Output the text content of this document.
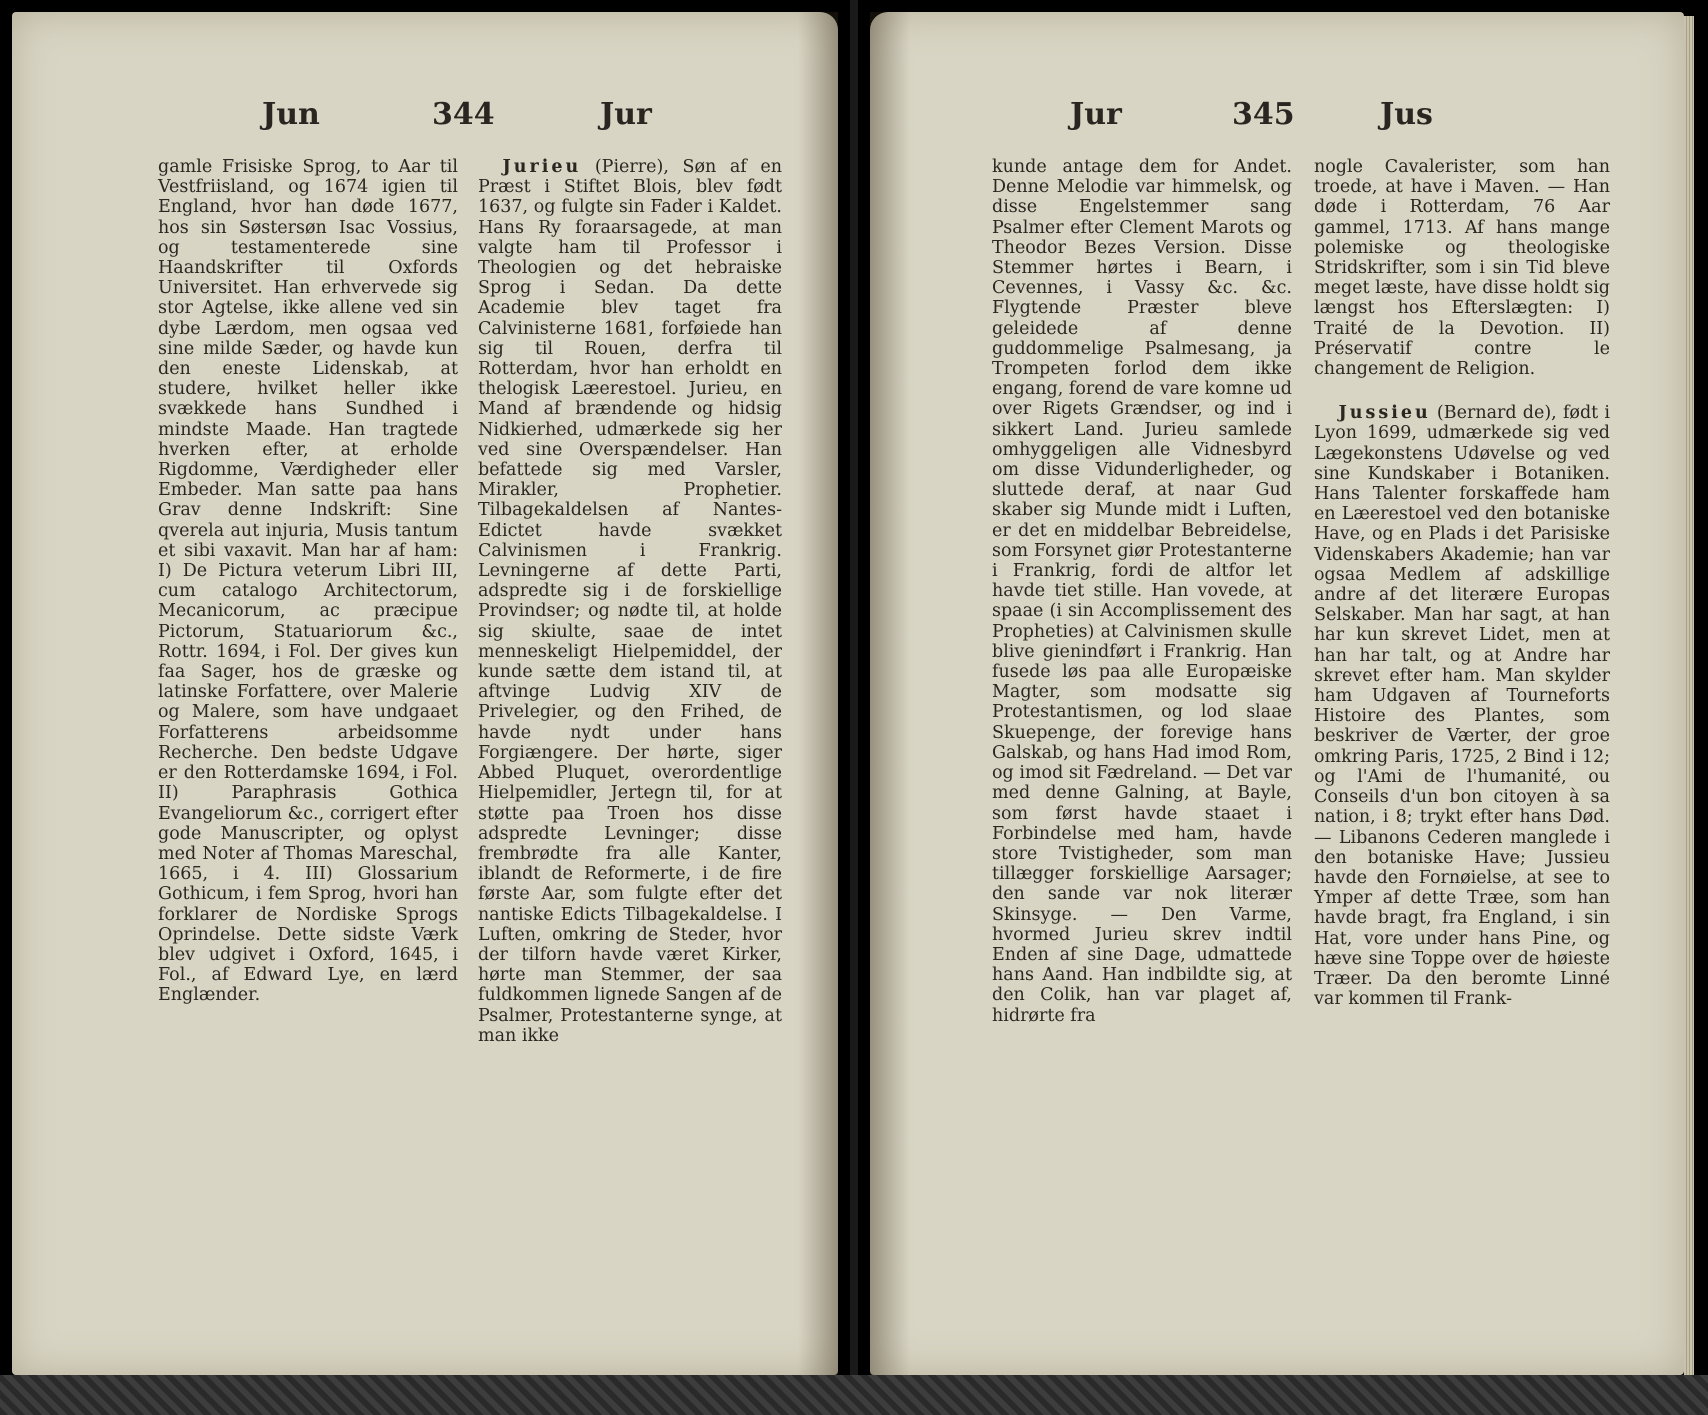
Jun	344	Jur

gamle Frisiske Sprog, to Aar til Vestfriisland, og 1674 igien til England, hvor han døde 1677, hos sin Søstersøn Isac Vossius, og testamenterede sine Haandskrifter til Oxfords Universitet. Han erhvervede sig stor Agtelse, ikke allene ved sin dybe Lærdom, men ogsaa ved sine milde Sæder, og havde kun den eneste Lidenskab, at studere, hvilket heller ikke svækkede hans Sundhed i mindste Maade. Han tragtede hverken efter, at erholde Rigdomme, Værdigheder eller Embeder. Man satte paa hans Grav denne Indskrift: Sine qverela aut injuria, Musis tantum et sibi vaxavit. Man har af ham: I) De Pictura veterum Libri III, cum catalogo Architectorum, Mecanicorum, ac præcipue Pictorum, Statuariorum &c., Rottr. 1694, i Fol. Der gives kun faa Sager, hos de græske og latinske Forfattere, over Malerie og Malere, som have undgaaet Forfatterens arbeidsomme Recherche. Den bedste Udgave er den Rotterdamske 1694, i Fol. II) Paraphrasis Gothica Evangeliorum &c., corrigert efter gode Manuscripter, og oplyst med Noter af Thomas Mareschal, 1665, i 4. III) Glossarium Gothicum, i fem Sprog, hvori han forklarer de Nordiske Sprogs Oprindelse. Dette sidste Værk blev udgivet i Oxford, 1645, i Fol., af Edward Lye, en lærd Englænder.

Jurieu (Pierre), Søn af en Præst i Stiftet Blois, blev født 1637, og fulgte sin Fader i Kaldet. Hans Ry foraarsagede, at man valgte ham til Professor i Theologien og det hebraiske Sprog i Sedan. Da dette Academie blev taget fra Calvinisterne 1681, forføiede han sig til Rouen, derfra til Rotterdam, hvor han erholdt en thelogisk Læerestoel. Jurieu, en Mand af brændende og hidsig Nidkierhed, udmærkede sig her ved sine Overspændelser. Han befattede sig med Varsler, Mirakler, Prophetier. Tilbagekaldelsen af Nantes-Edictet havde svækket Calvinismen i Frankrig. Levningerne af dette Parti, adspredte sig i de forskiellige Provindser; og nødte til, at holde sig skiulte, saae de intet menneskeligt Hielpemiddel, der kunde sætte dem istand til, at aftvinge Ludvig XIV de Privelegier, og den Frihed, de havde nydt under hans Forgiængere. Der hørte, siger Abbed Pluquet, overordentlige Hielpemidler, Jertegn til, for at støtte paa Troen hos disse adspredte Levninger; disse frembrødte fra alle Kanter, iblandt de Reformerte, i de fire første Aar, som fulgte efter det nantiske Edicts Tilbagekaldelse. I Luften, omkring de Steder, hvor der tilforn havde været Kirker, hørte man Stemmer, der saa fuldkommen lignede Sangen af de Psalmer, Protestanterne synge, at man ikke

Jur	345	Jus

kunde antage dem for Andet. Denne Melodie var himmelsk, og disse Engelstemmer sang Psalmer efter Clement Marots og Theodor Bezes Version. Disse Stemmer hørtes i Bearn, i Cevennes, i Vassy &c. &c. Flygtende Præster bleve geleidede af denne guddommelige Psalmesang, ja Trompeten forlod dem ikke engang, forend de vare komne ud over Rigets Grændser, og ind i sikkert Land. Jurieu samlede omhyggeligen alle Vidnesbyrd om disse Vidunderligheder, og sluttede deraf, at naar Gud skaber sig Munde midt i Luften, er det en middelbar Bebreidelse, som Forsynet giør Protestanterne i Frankrig, fordi de altfor let havde tiet stille. Han vovede, at spaae (i sin Accomplissement des Propheties) at Calvinismen skulle blive gienindført i Frankrig. Han fusede løs paa alle Europæiske Magter, som modsatte sig Protestantismen, og lod slaae Skuepenge, der forevige hans Galskab, og hans Had imod Rom, og imod sit Fædreland. — Det var med denne Galning, at Bayle, som først havde staaet i Forbindelse med ham, havde store Tvistigheder, som man tillægger forskiellige Aarsager; den sande var nok literær Skinsyge. — Den Varme, hvormed Jurieu skrev indtil Enden af sine Dage, udmattede hans Aand. Han indbildte sig, at den Colik, han var plaget af, hidrørte fra

nogle Cavalerister, som han troede, at have i Maven. — Han døde i Rotterdam, 76 Aar gammel, 1713. Af hans mange polemiske og theologiske Stridskrifter, som i sin Tid bleve meget læste, have disse holdt sig længst hos Efterslægten: I) Traité de la Devotion. II) Préservatif contre le changement de Religion.

Jussieu (Bernard de), født i Lyon 1699, udmærkede sig ved Lægekonstens Udøvelse og ved sine Kundskaber i Botaniken. Hans Talenter forskaffede ham en Læerestoel ved den botaniske Have, og en Plads i det Parisiske Videnskabers Akademie; han var ogsaa Medlem af adskillige andre af det literære Europas Selskaber. Man har sagt, at han har kun skrevet Lidet, men at han har talt, og at Andre har skrevet efter ham. Man skylder ham Udgaven af Tourneforts Histoire des Plantes, som beskriver de Værter, der groe omkring Paris, 1725, 2 Bind i 12; og l'Ami de l'humanité, ou Conseils d'un bon citoyen à sa nation, i 8; trykt efter hans Død. — Libanons Cederen manglede i den botaniske Have; Jussieu havde den Fornøielse, at see to Ymper af dette Træe, som han havde bragt, fra England, i sin Hat, vore under hans Pine, og hæve sine Toppe over de høieste Træer. Da den beromte Linné var kommen til Frank-
